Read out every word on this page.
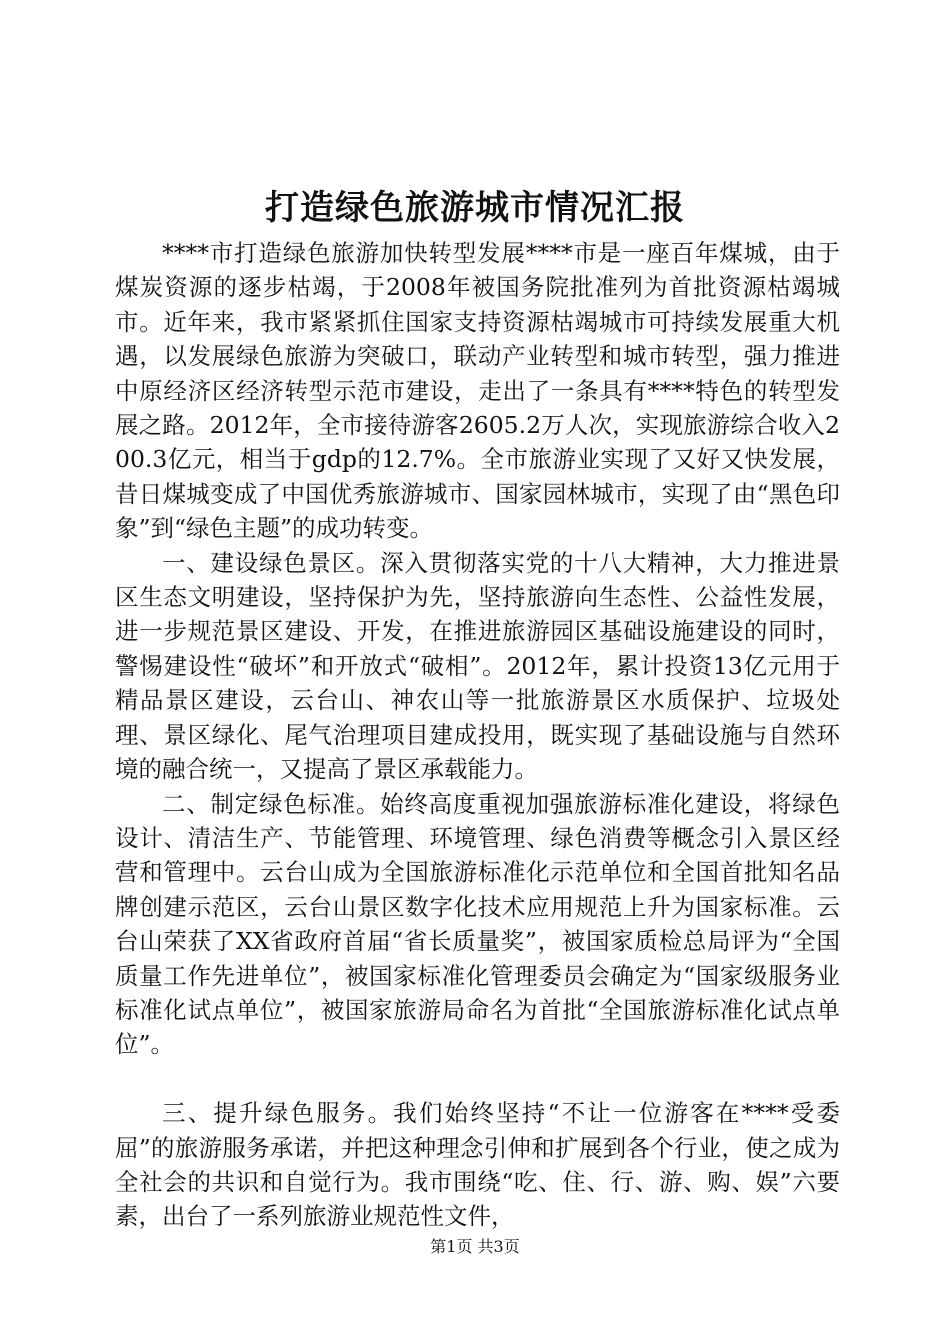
打造绿色旅游城市情况汇报

****市打造绿色旅游加快转型发展****市是一座百年煤城，由于煤炭资源的逐步枯竭，于2008年被国务院批准列为首批资源枯竭城市。近年来，我市紧紧抓住国家支持资源枯竭城市可持续发展重大机遇，以发展绿色旅游为突破口，联动产业转型和城市转型，强力推进中原经济区经济转型示范市建设，走出了一条具有****特色的转型发展之路。2012年，全市接待游客2605.2万人次，实现旅游综合收入200.3亿元，相当于gdp的12.7%。全市旅游业实现了又好又快发展，昔日煤城变成了中国优秀旅游城市、国家园林城市，实现了由“黑色印象”到“绿色主题”的成功转变。

一、建设绿色景区。深入贯彻落实党的十八大精神，大力推进景区生态文明建设，坚持保护为先，坚持旅游向生态性、公益性发展，进一步规范景区建设、开发，在推进旅游园区基础设施建设的同时，警惕建设性“破坏”和开放式“破相”。2012年，累计投资13亿元用于精品景区建设，云台山、神农山等一批旅游景区水质保护、垃圾处理、景区绿化、尾气治理项目建成投用，既实现了基础设施与自然环境的融合统一，又提高了景区承载能力。

二、制定绿色标准。始终高度重视加强旅游标准化建设，将绿色设计、清洁生产、节能管理、环境管理、绿色消费等概念引入景区经营和管理中。云台山成为全国旅游标准化示范单位和全国首批知名品牌创建示范区，云台山景区数字化技术应用规范上升为国家标准。云台山荣获了XX省政府首届“省长质量奖”，被国家质检总局评为“全国质量工作先进单位”，被国家标准化管理委员会确定为“国家级服务业标准化试点单位”，被国家旅游局命名为首批“全国旅游标准化试点单位”。

三、提升绿色服务。我们始终坚持“不让一位游客在****受委屈”的旅游服务承诺，并把这种理念引伸和扩展到各个行业，使之成为全社会的共识和自觉行为。我市围绕“吃、住、行、游、购、娱”六要素，出台了一系列旅游业规范性文件，

第1页 共3页
